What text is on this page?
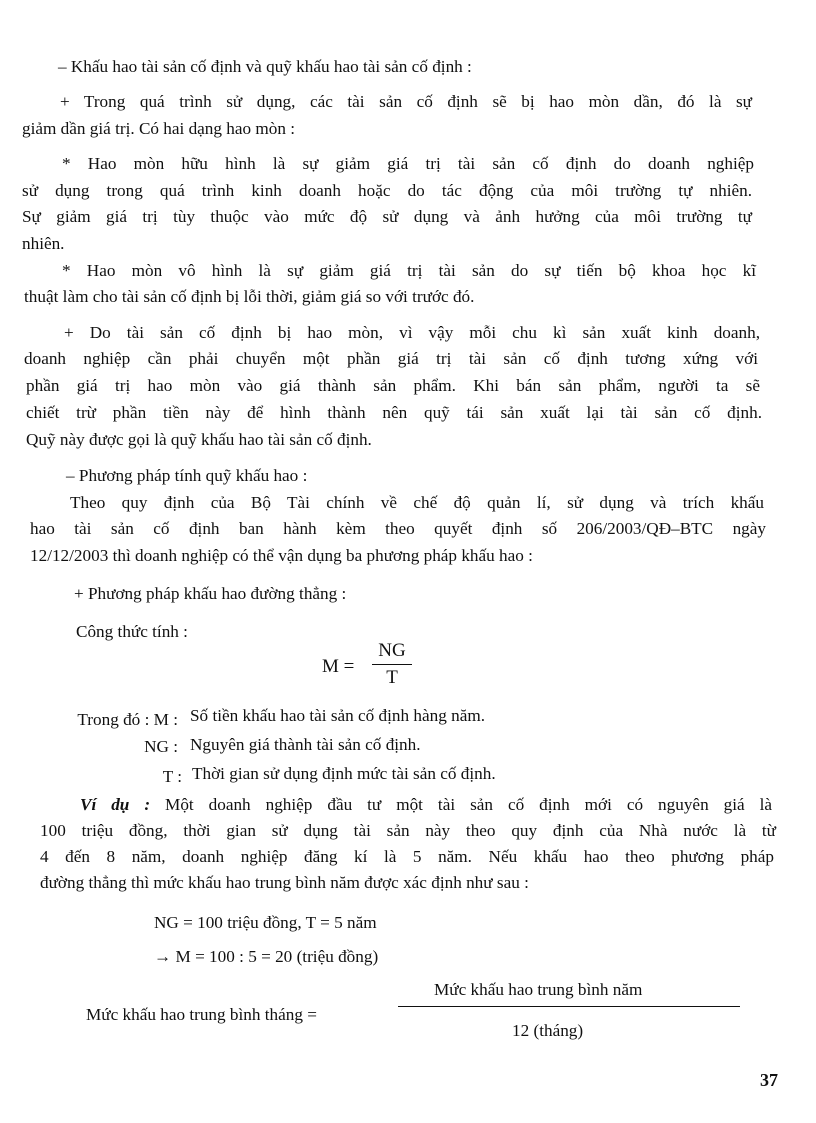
– Khấu hao tài sản cố định và quỹ khấu hao tài sản cố định :
+ Trong quá trình sử dụng, các tài sản cố định sẽ bị hao mòn dần, đó là sự
giảm dần giá trị. Có hai dạng hao mòn :
* Hao mòn hữu hình là sự giảm giá trị tài sản cố định do doanh nghiệp
sử dụng trong quá trình kinh doanh hoặc do tác động của môi trường tự nhiên.
Sự giảm giá trị tùy thuộc vào mức độ sử dụng và ảnh hưởng của môi trường tự
nhiên.
* Hao mòn vô hình là sự giảm giá trị tài sản do sự tiến bộ khoa học kĩ
thuật làm cho tài sản cố định bị lỗi thời, giảm giá so với trước đó.
+ Do tài sản cố định bị hao mòn, vì vậy mỗi chu kì sản xuất kinh doanh,
doanh nghiệp cần phải chuyển một phần giá trị tài sản cố định tương xứng với
phần giá trị hao mòn vào giá thành sản phẩm. Khi bán sản phẩm, người ta sẽ
chiết trừ phần tiền này để hình thành nên quỹ tái sản xuất lại tài sản cố định.
Quỹ này được gọi là quỹ khấu hao tài sản cố định.
– Phương pháp tính quỹ khấu hao :
Theo quy định của Bộ Tài chính về chế độ quản lí, sử dụng và trích khấu
hao tài sản cố định ban hành kèm theo quyết định số 206/2003/QĐ–BTC ngày
12/12/2003 thì doanh nghiệp có thể vận dụng ba phương pháp khấu hao :
+ Phương pháp khấu hao đường thẳng :
Công thức tính :
M =
NG
T
Trong đó : M : Số tiền khấu hao tài sản cố định hàng năm.
NG : Nguyên giá thành tài sản cố định.
T : Thời gian sử dụng định mức tài sản cố định.
Ví dụ : Một doanh nghiệp đầu tư một tài sản cố định mới có nguyên giá là
100 triệu đồng, thời gian sử dụng tài sản này theo quy định của Nhà nước là từ
4 đến 8 năm, doanh nghiệp đăng kí là 5 năm. Nếu khấu hao theo phương pháp
đường thẳng thì mức khấu hao trung bình năm được xác định như sau :
NG = 100 triệu đồng, T = 5 năm
→ M = 100 : 5 = 20 (triệu đồng)
Mức khấu hao trung bình tháng =
Mức khấu hao trung bình năm
12 (tháng)
37
